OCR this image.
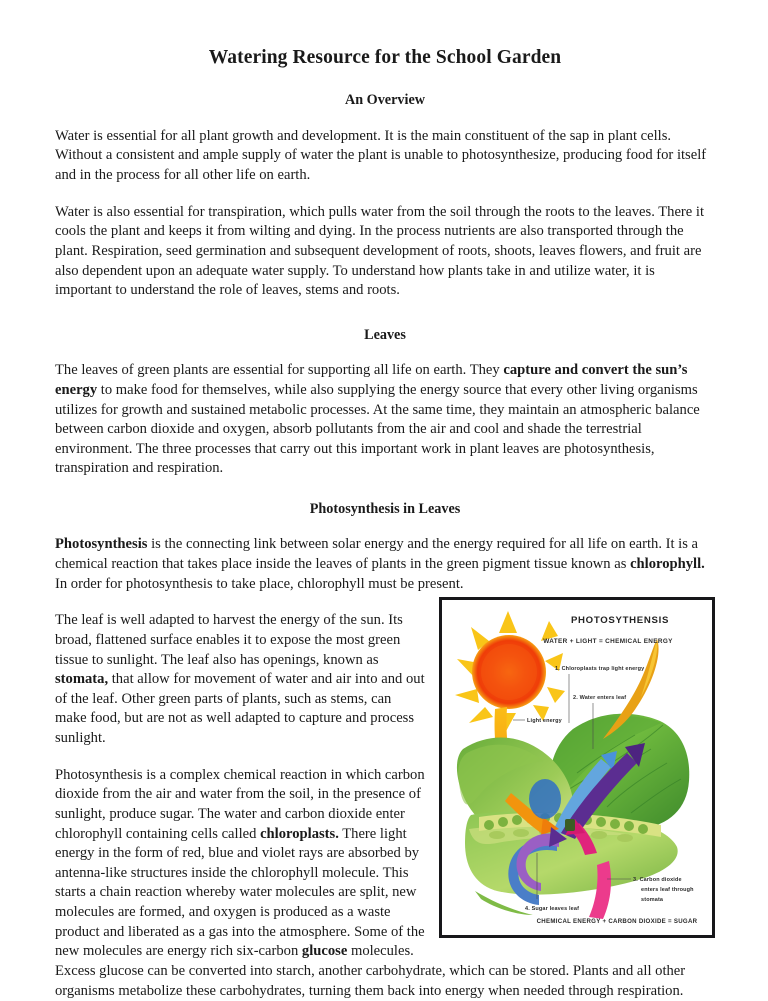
Watering Resource for the School Garden
An Overview

Water is essential for all plant growth and development. It is the main constituent of the sap in plant cells. Without a consistent and ample supply of water the plant is unable to photosynthesize, producing food for itself and in the process for all other life on earth.

Water is also essential for transpiration, which pulls water from the soil through the roots to the leaves. There it cools the plant and keeps it from wilting and dying. In the process nutrients are also transported through the plant. Respiration, seed germination and subsequent development of roots, shoots, leaves flowers, and fruit are also dependent upon an adequate water supply. To understand how plants take in and utilize water, it is important to understand the role of leaves, stems and roots.

Leaves

The leaves of green plants are essential for supporting all life on earth. They capture and convert the sun’s energy to make food for themselves, while also supplying the energy source that every other living organisms utilizes for growth and sustained metabolic processes. At the same time, they maintain an atmospheric balance between carbon dioxide and oxygen, absorb pollutants from the air and cool and shade the terrestrial environment. The three processes that carry out this important work in plant leaves are photosynthesis, transpiration and respiration.

Photosynthesis in Leaves

Photosynthesis is the connecting link between solar energy and the energy required for all life on earth. It is a chemical reaction that takes place inside the leaves of plants in the green pigment tissue known as chlorophyll. In order for photosynthesis to take place, chlorophyll must be present.

PHOTOSYTHENSIS
WATER + LIGHT = CHEMICAL ENERGY
1. Chloroplasts trap light energy
2. Water enters leaf
Light energy
3. Carbon dioxide
enters leaf through
stomata
4. Sugar leaves leaf
CHEMICAL ENERGY + CARBON DIOXIDE = SUGAR

The leaf is well adapted to harvest the energy of the sun. Its broad, flattened surface enables it to expose the most green tissue to sunlight. The leaf also has openings, known as stomata, that allow for movement of water and air into and out of the leaf. Other green parts of plants, such as stems, can make food, but are not as well adapted to capture and process sunlight.

Photosynthesis is a complex chemical reaction in which carbon dioxide from the air and water from the soil, in the presence of sunlight, produce sugar. The water and carbon dioxide enter chlorophyll containing cells called chloroplasts. There light energy in the form of red, blue and violet rays are absorbed by antenna-like structures inside the chlorophyll molecule. This starts a chain reaction whereby water molecules are split, new molecules are formed, and oxygen is produced as a waste product and liberated as a gas into the atmosphere. Some of the new molecules are energy rich six-carbon glucose molecules. Excess glucose can be converted into starch, another carbohydrate, which can be stored. Plants and all other organisms metabolize these carbohydrates, turning them back into energy when needed through respiration.
